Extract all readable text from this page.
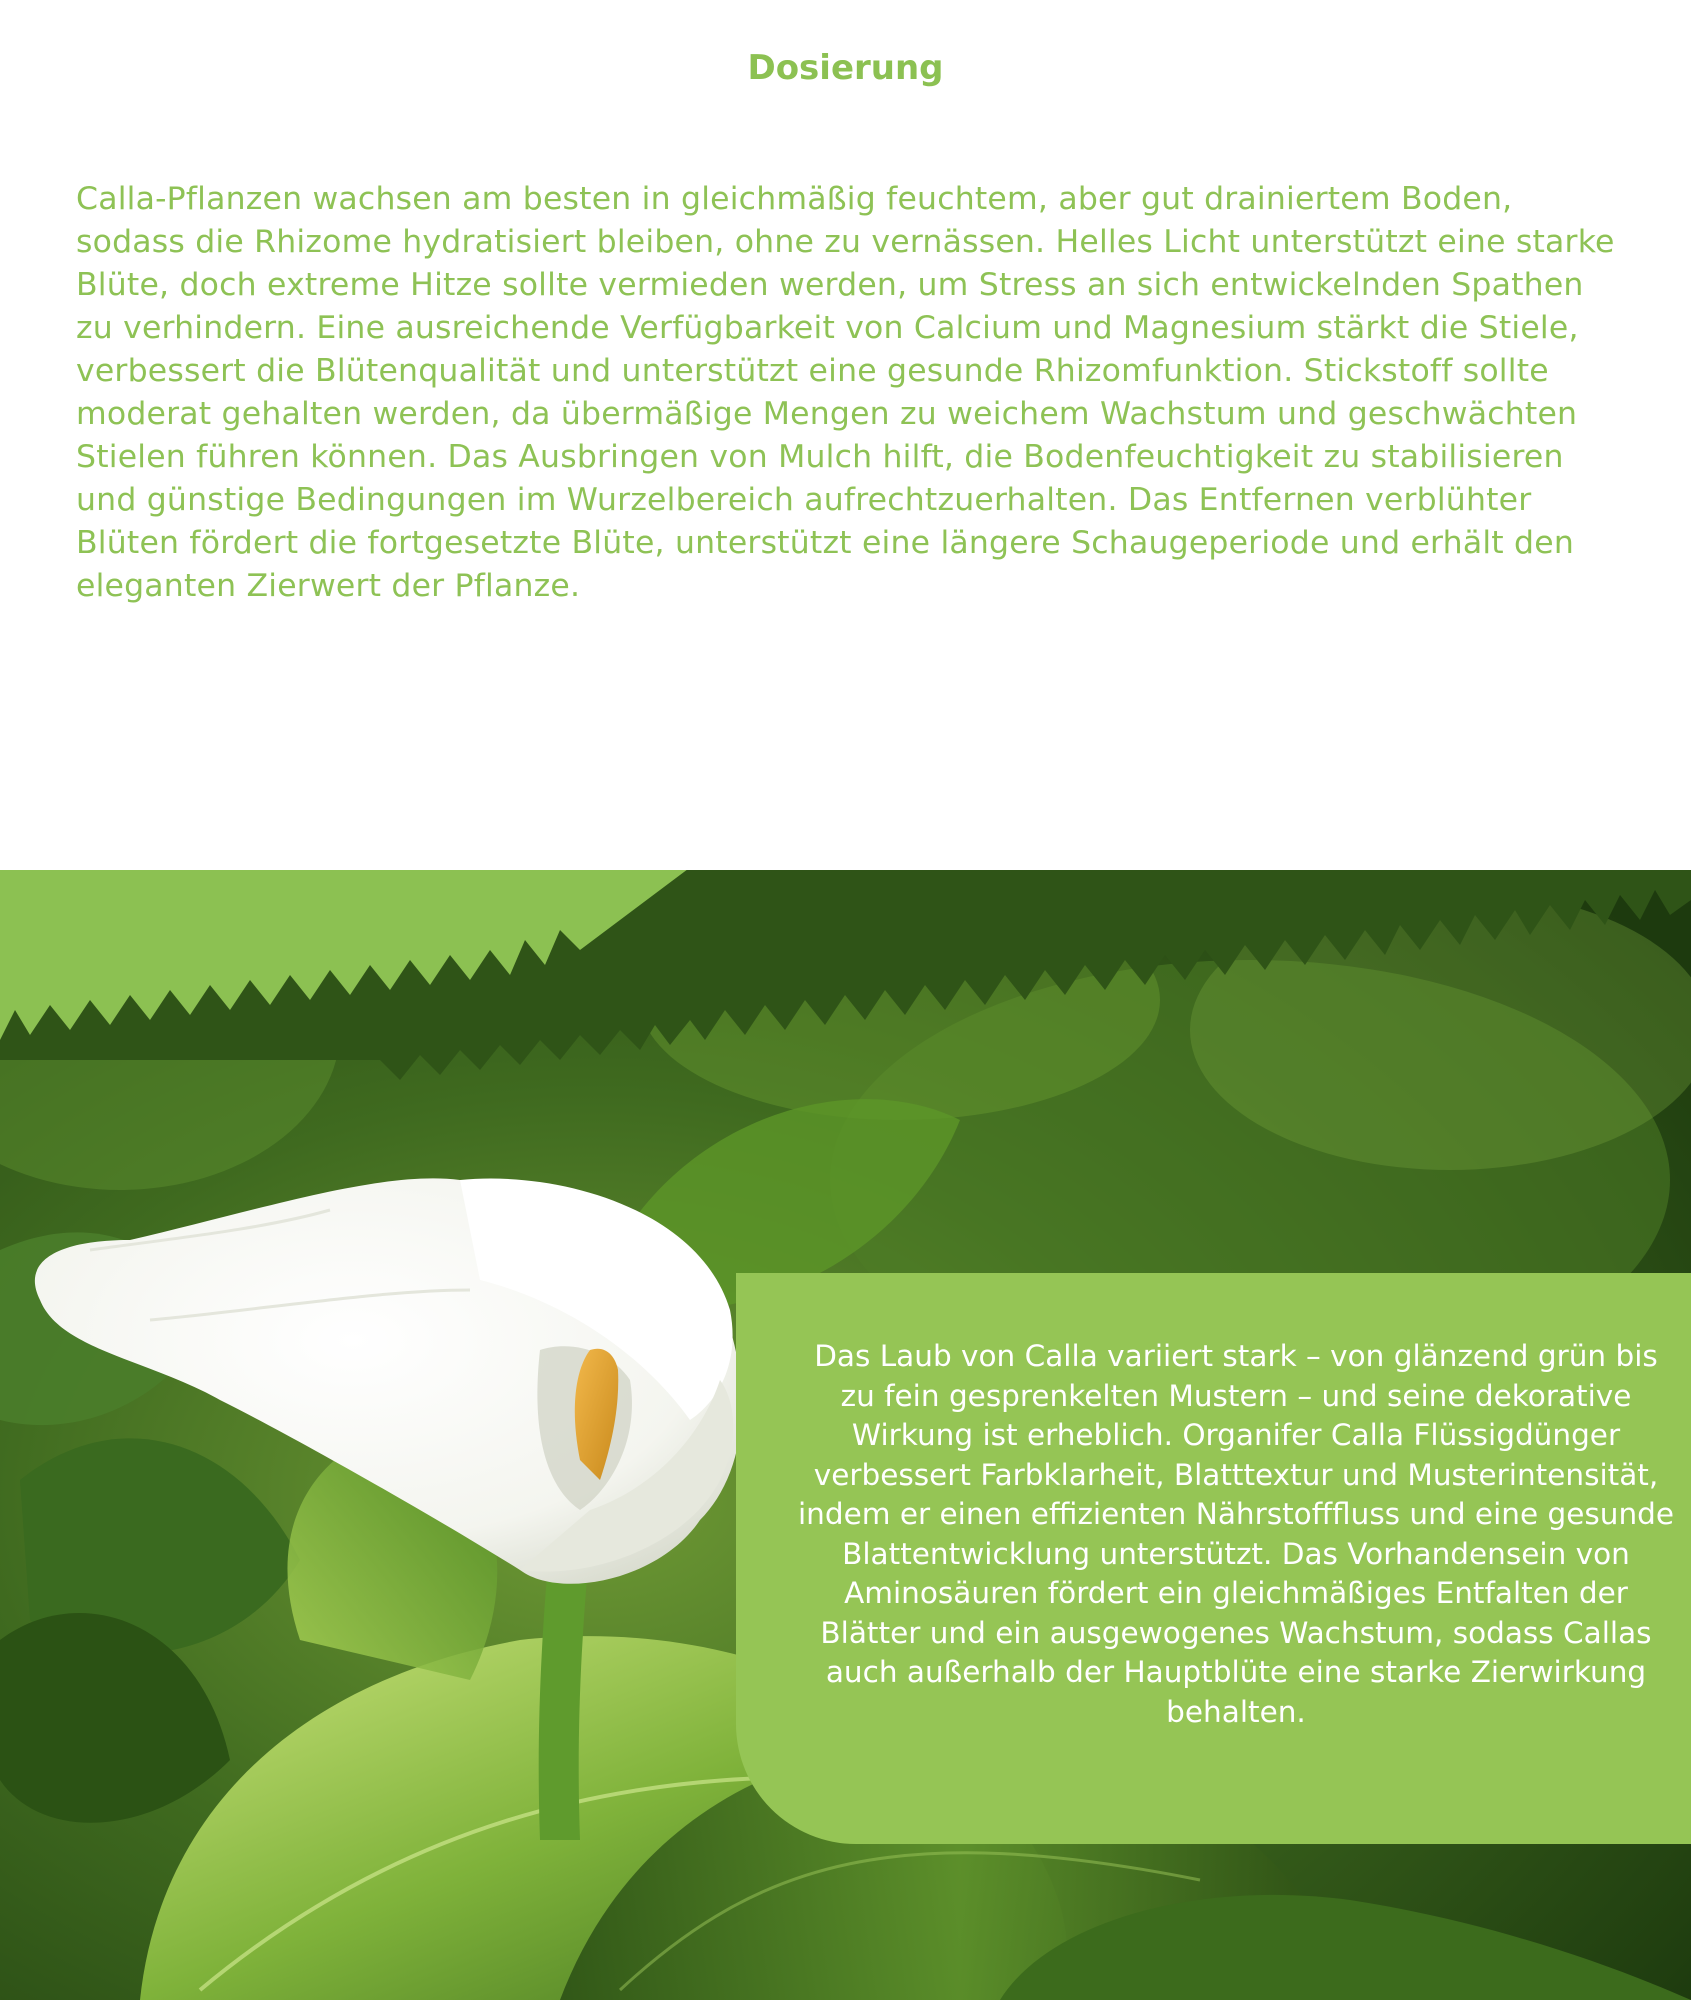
Dosierung

Calla-Pflanzen wachsen am besten in gleichmäßig feuchtem, aber gut drainiertem Boden, sodass die Rhizome hydratisiert bleiben, ohne zu vernässen. Helles Licht unterstützt eine starke Blüte, doch extreme Hitze sollte vermieden werden, um Stress an sich entwickelnden Spathen zu verhindern. Eine ausreichende Verfügbarkeit von Calcium und Magnesium stärkt die Stiele, verbessert die Blütenqualität und unterstützt eine gesunde Rhizomfunktion. Stickstoff sollte moderat gehalten werden, da übermäßige Mengen zu weichem Wachstum und geschwächten Stielen führen können. Das Ausbringen von Mulch hilft, die Bodenfeuchtigkeit zu stabilisieren und günstige Bedingungen im Wurzelbereich aufrechtzuerhalten. Das Entfernen verblühter Blüten fördert die fortgesetzte Blüte, unterstützt eine längere Schaugeperiode und erhält den eleganten Zierwert der Pflanze.

Das Laub von Calla variiert stark – von glänzend grün bis zu fein gesprenkelten Mustern – und seine dekorative Wirkung ist erheblich. Organifer Calla Flüssigdünger verbessert Farbklarheit, Blatttextur und Musterintensität, indem er einen effizienten Nährstofffluss und eine gesunde Blattentwicklung unterstützt. Das Vorhandensein von Aminosäuren fördert ein gleichmäßiges Entfalten der Blätter und ein ausgewogenes Wachstum, sodass Callas auch außerhalb der Hauptblüte eine starke Zierwirkung behalten.
